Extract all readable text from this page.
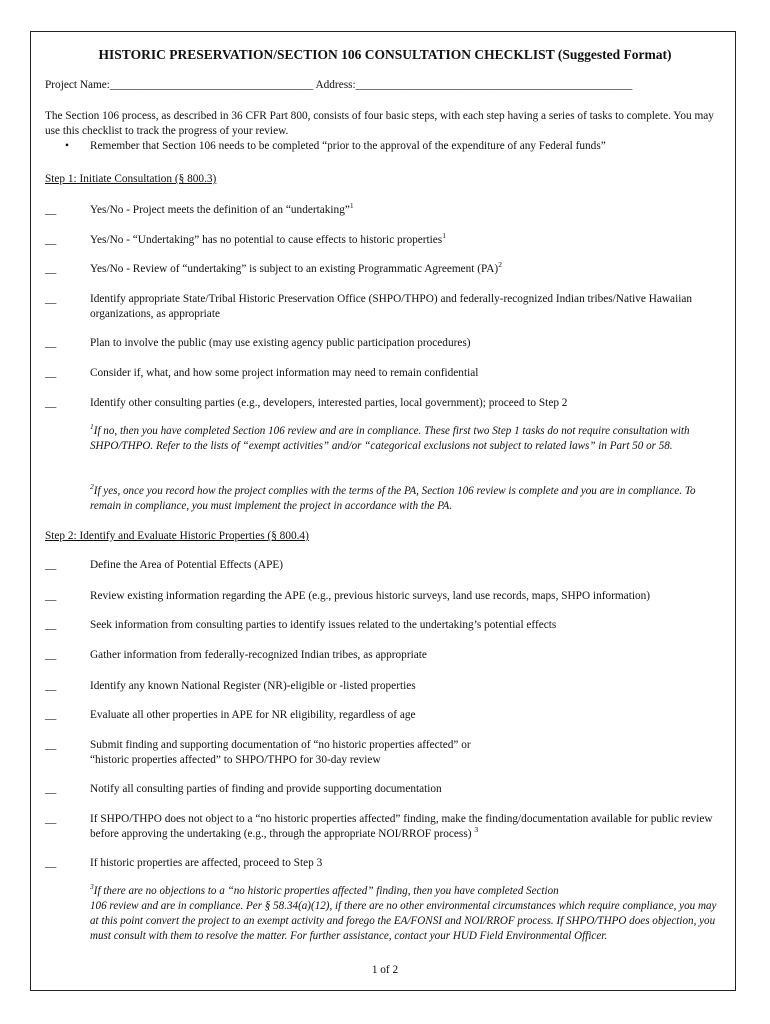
HISTORIC PRESERVATION/SECTION 106 CONSULTATION CHECKLIST (Suggested Format)

Project Name:____________________________________ Address:_________________________________________________

The Section 106 process, as described in 36 CFR Part 800, consists of four basic steps, with each step having a series of tasks to complete. You may use this checklist to track the progress of your review.

• Remember that Section 106 needs to be completed “prior to the approval of the expenditure of any Federal funds”

Step 1: Initiate Consultation (§ 800.3)

__	Yes/No - Project meets the definition of an “undertaking”$^1$
__	Yes/No - “Undertaking” has no potential to cause effects to historic properties$^1$
__	Yes/No - Review of “undertaking” is subject to an existing Programmatic Agreement (PA)$^2$
__	Identify appropriate State/Tribal Historic Preservation Office (SHPO/THPO) and federally-recognized Indian tribes/Native Hawaiian organizations, as appropriate
__	Plan to involve the public (may use existing agency public participation procedures)
__	Consider if, what, and how some project information may need to remain confidential
__	Identify other consulting parties (e.g., developers, interested parties, local government); proceed to Step 2

$^1$If no, then you have completed Section 106 review and are in compliance. These first two Step 1 tasks do not require consultation with SHPO/THPO. Refer to the lists of “exempt activities” and/or “categorical exclusions not subject to related laws” in Part 50 or 58.

$^2$If yes, once you record how the project complies with the terms of the PA, Section 106 review is complete and you are in compliance. To remain in compliance, you must implement the project in accordance with the PA.

Step 2: Identify and Evaluate Historic Properties (§ 800.4)

__	Define the Area of Potential Effects (APE)
__	Review existing information regarding the APE (e.g., previous historic surveys, land use records, maps, SHPO information)
__	Seek information from consulting parties to identify issues related to the undertaking’s potential effects
__	Gather information from federally-recognized Indian tribes, as appropriate
__	Identify any known National Register (NR)-eligible or -listed properties
__	Evaluate all other properties in APE for NR eligibility, regardless of age
__	Submit finding and supporting documentation of “no historic properties affected” or
“historic properties affected” to SHPO/THPO for 30-day review
__	Notify all consulting parties of finding and provide supporting documentation
__	If SHPO/THPO does not object to a “no historic properties affected” finding, make the finding/documentation available for public review before approving the undertaking (e.g., through the appropriate NOI/RROF process) $^3$
__	If historic properties are affected, proceed to Step 3

$^3$If there are no objections to a “no historic properties affected” finding, then you have completed Section
106 review and are in compliance. Per § 58.34(a)(12), if there are no other environmental circumstances which require compliance, you may at this point convert the project to an exempt activity and forego the EA/FONSI and NOI/RROF process. If SHPO/THPO does objection, you must consult with them to resolve the matter. For further assistance, contact your HUD Field Environmental Officer.

1 of 2
